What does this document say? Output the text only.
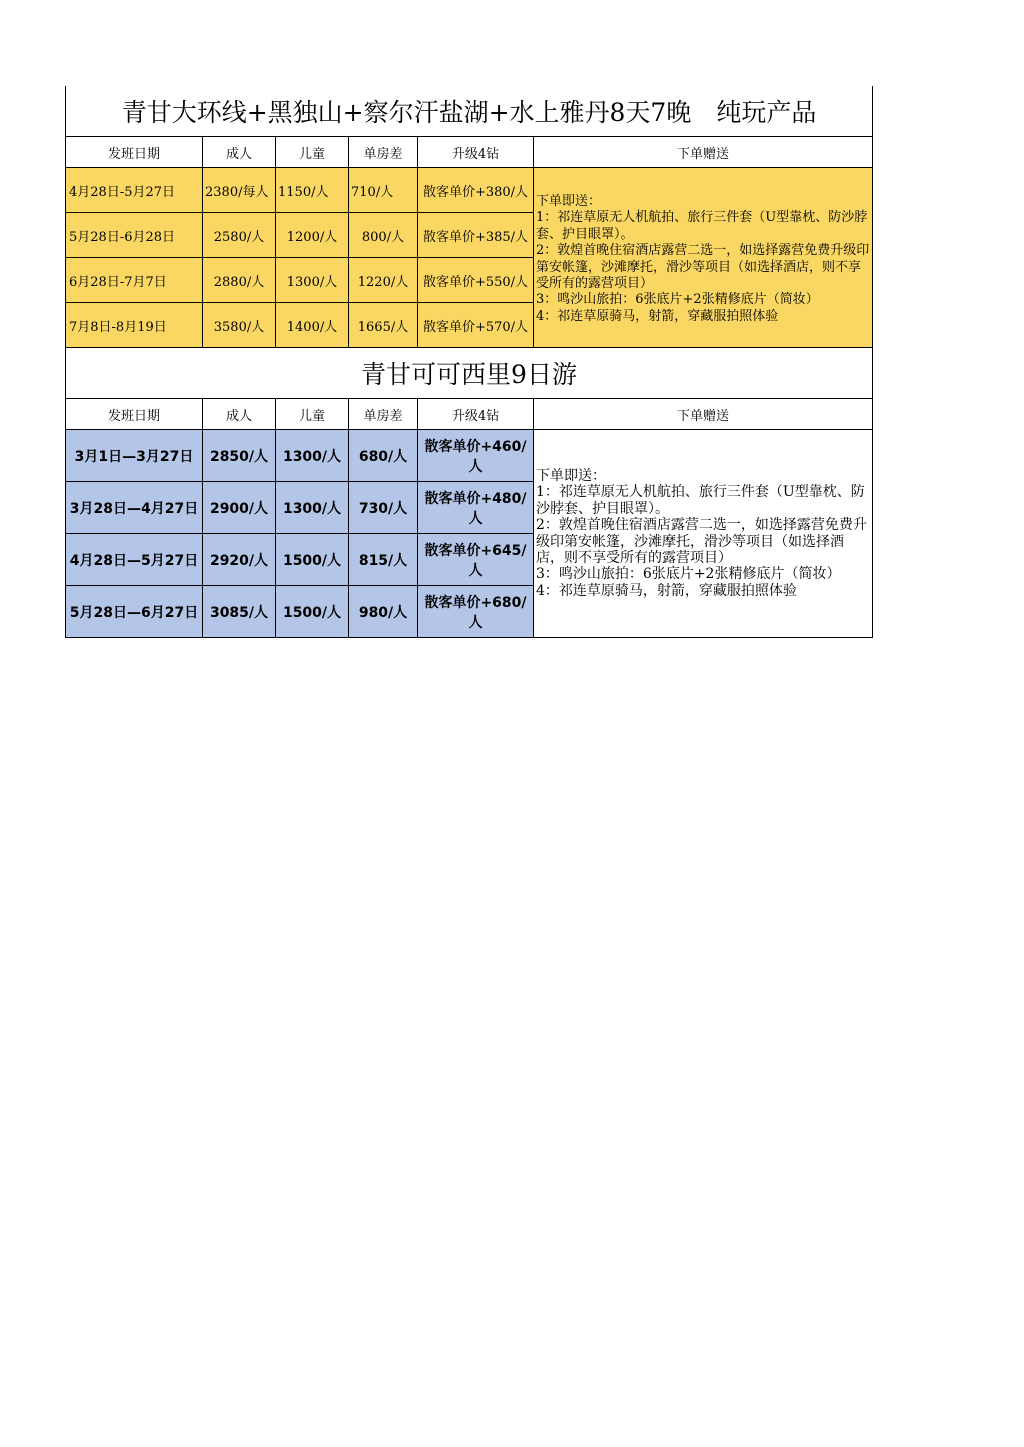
青甘大环线+黑独山+察尔汗盐湖+水上雅丹8天7晚　纯玩产品					
发班日期	成人	儿童	单房差	升级4钻	下单赠送
4月28日-5月27日	2380/每人	1150/人	710/人	散客单价+380/人	下单即送：
1：祁连草原无人机航拍、旅行三件套（U型靠枕、防沙脖套、护目眼罩）。
2：敦煌首晚住宿酒店露营二选一，如选择露营免费升级印第安帐篷，沙滩摩托，滑沙等项目（如选择酒店，则不享受所有的露营项目）
3：鸣沙山旅拍：6张底片+2张精修底片（简妆）
4：祁连草原骑马，射箭，穿藏服拍照体验
5月28日-6月28日	2580/人	1200/人	800/人	散客单价+385/人	
6月28日-7月7日	2880/人	1300/人	1220/人	散客单价+550/人	
7月8日-8月19日	3580/人	1400/人	1665/人	散客单价+570/人	
青甘可可西里9日游					
发班日期	成人	儿童	单房差	升级4钻	下单赠送
3月1日—3月27日	2850/人	1300/人	680/人	散客单价+460/人	下单即送：
1：祁连草原无人机航拍、旅行三件套（U型靠枕、防沙脖套、护目眼罩）。
2：敦煌首晚住宿酒店露营二选一，如选择露营免费升级印第安帐篷，沙滩摩托，滑沙等项目（如选择酒店，则不享受所有的露营项目）
3：鸣沙山旅拍：6张底片+2张精修底片（简妆）
4：祁连草原骑马，射箭，穿藏服拍照体验
3月28日—4月27日	2900/人	1300/人	730/人	散客单价+480/人	
4月28日—5月27日	2920/人	1500/人	815/人	散客单价+645/人	
5月28日—6月27日	3085/人	1500/人	980/人	散客单价+680/人	
